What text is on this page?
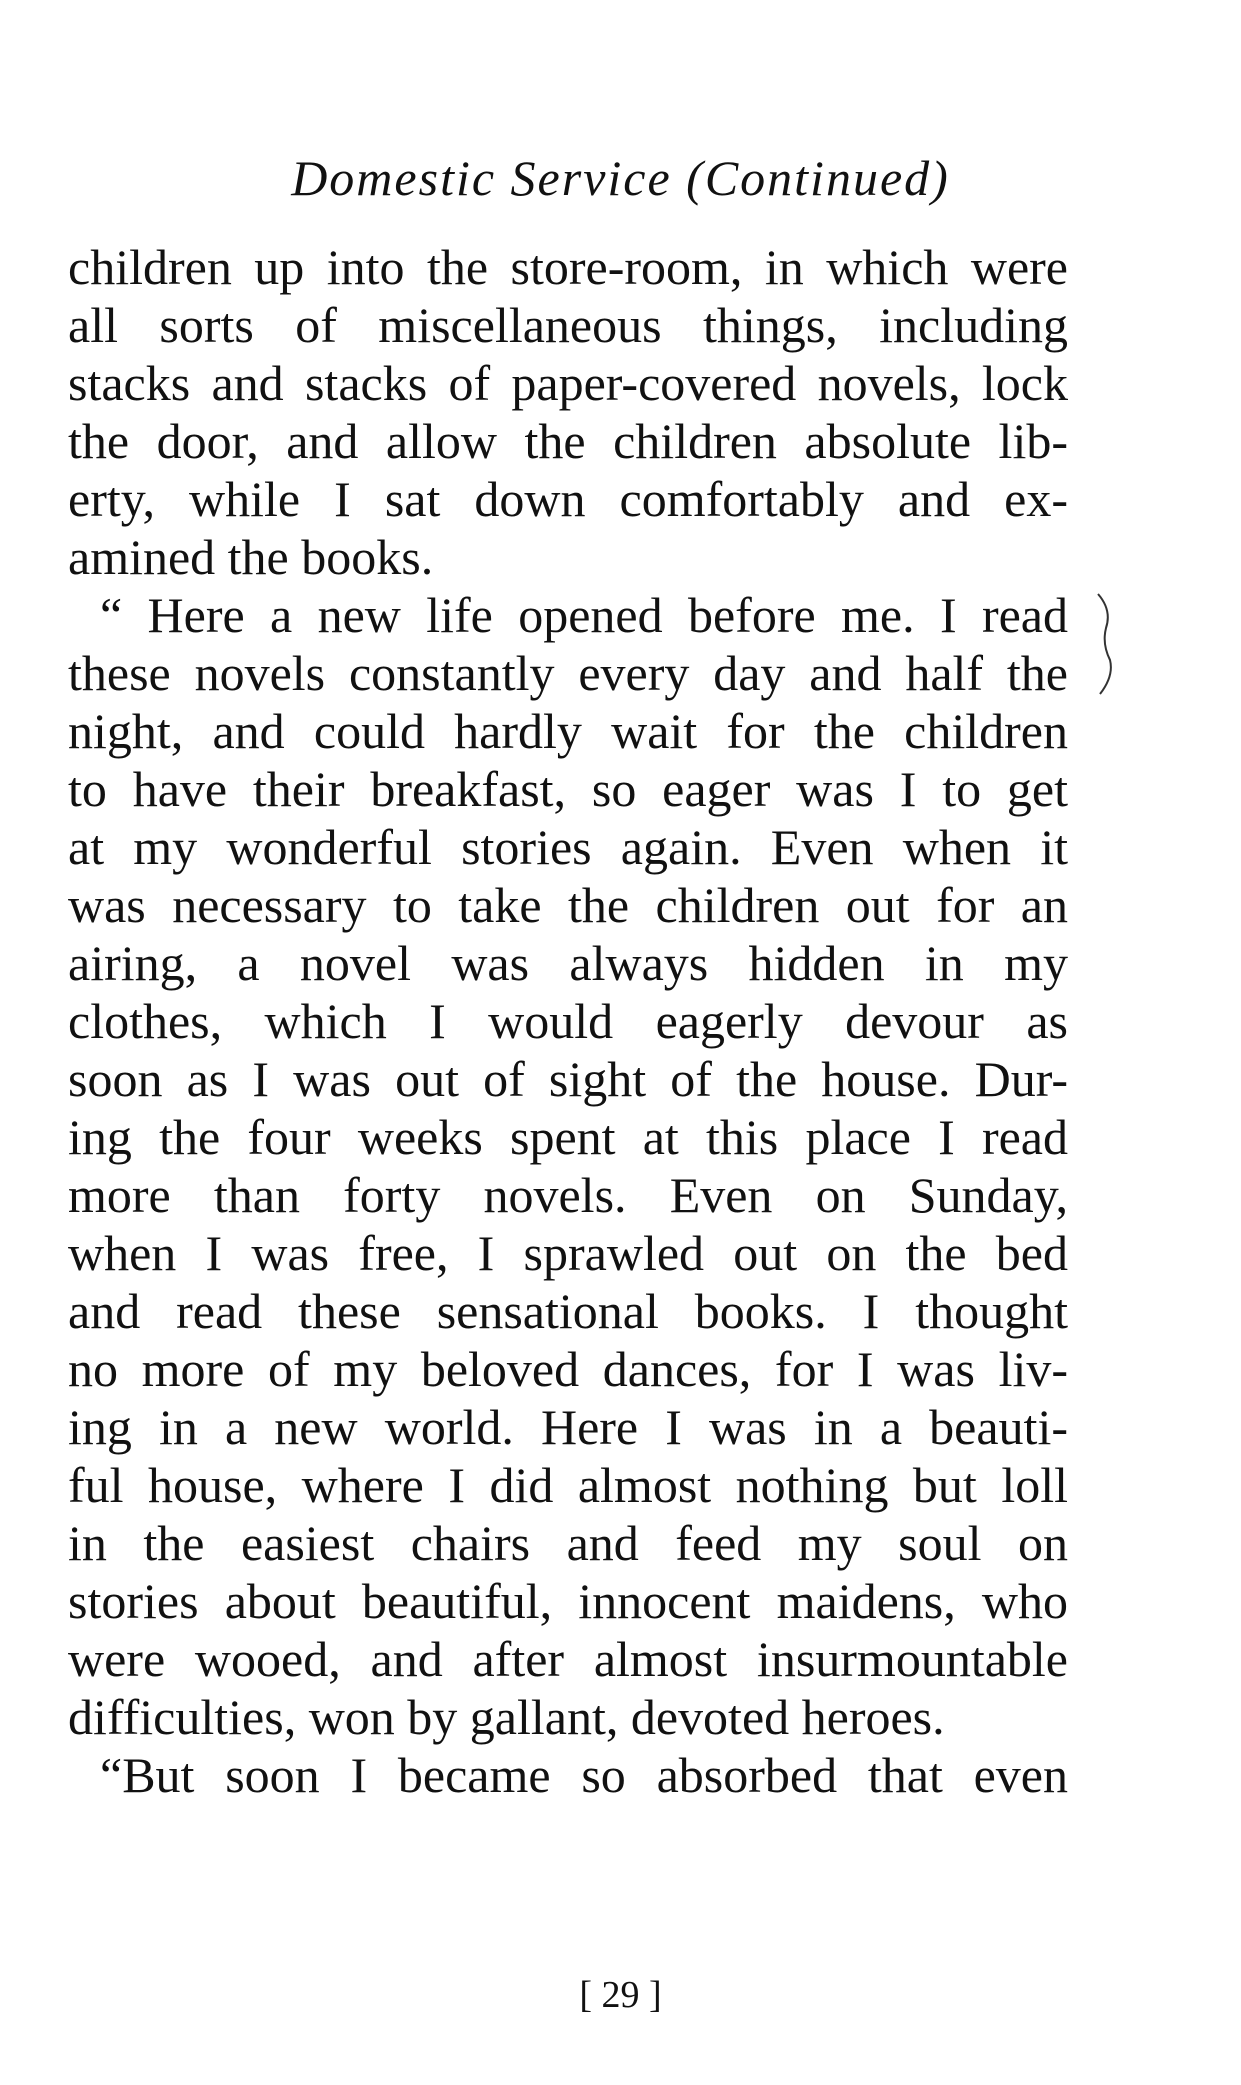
Domestic Service (Continued)
children up into the store-room, in which were
all sorts of miscellaneous things, including
stacks and stacks of paper-covered novels, lock
the door, and allow the children absolute lib-
erty, while I sat down comfortably and ex-
amined the books.
“ Here a new life opened before me. I read
these novels constantly every day and half the
night, and could hardly wait for the children
to have their breakfast, so eager was I to get
at my wonderful stories again. Even when it
was necessary to take the children out for an
airing, a novel was always hidden in my
clothes, which I would eagerly devour as
soon as I was out of sight of the house. Dur-
ing the four weeks spent at this place I read
more than forty novels. Even on Sunday,
when I was free, I sprawled out on the bed
and read these sensational books. I thought
no more of my beloved dances, for I was liv-
ing in a new world. Here I was in a beauti-
ful house, where I did almost nothing but loll
in the easiest chairs and feed my soul on
stories about beautiful, innocent maidens, who
were wooed, and after almost insurmountable
difficulties, won by gallant, devoted heroes.
“But soon I became so absorbed that even
[ 29 ]
